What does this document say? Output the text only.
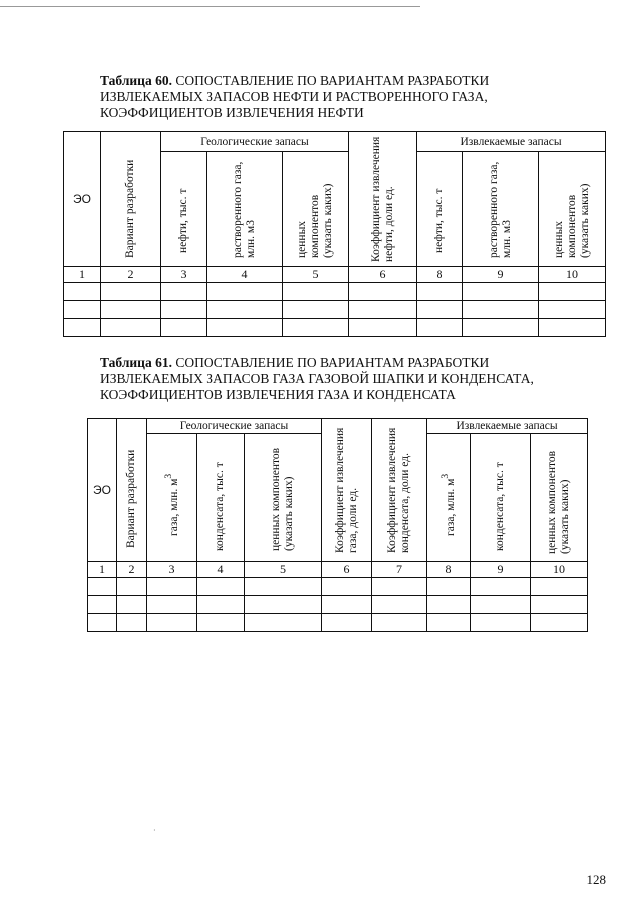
Таблица 60. СОПОСТАВЛЕНИЕ ПО ВАРИАНТАМ РАЗРАБОТКИ ИЗВЛЕКАЕМЫХ ЗАПАСОВ НЕФТИ И РАСТВОРЕННОГО ГАЗА, КОЭФФИЦИЕНТОВ ИЗВЛЕЧЕНИЯ НЕФТИ
ЭО	Вариант разработки	Геологические запасы			Коэффициент извлечения нефти, доли ед.	Извлекаемые запасы		
		нефти, тыс. т	растворенного газа, млн. м3	ценных компонентов (указать каких)		нефти, тыс. т	растворенного газа, млн. м3	ценных компонентов (указать каких)
1	2	3	4	5	6	8	9	10

Таблица 61. СОПОСТАВЛЕНИЕ ПО ВАРИАНТАМ РАЗРАБОТКИ ИЗВЛЕКАЕМЫХ ЗАПАСОВ ГАЗА ГАЗОВОЙ ШАПКИ И КОНДЕНСАТА, КОЭФФИЦИЕНТОВ ИЗВЛЕЧЕНИЯ ГАЗА И КОНДЕНСАТА
ЭО	Вариант разработки	Геологические запасы			Коэффициент извлечения газа, доли ед.	Коэффициент извлечения конденсата, доли ед.	Извлекаемые запасы		
		газа, млн. $м^3$	конденсата, тыс. т	ценных компонентов (указать каких)			газа, млн. $м^3$	конденсата, тыс. т	ценных компонентов (указать каких)
1	2	3	4	5	6	7	8	9	10

·
128
